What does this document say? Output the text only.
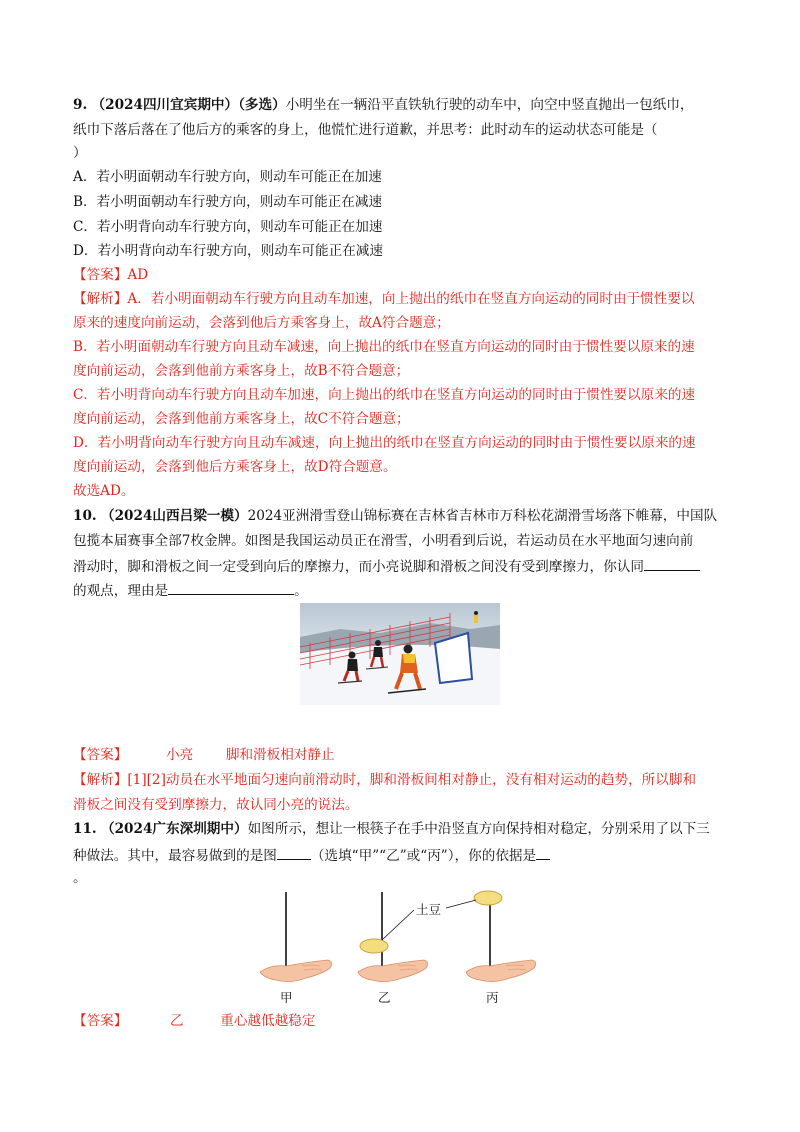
9. （2024四川宜宾期中）（多选）小明坐在一辆沿平直铁轨行驶的动车中，向空中竖直抛出一包纸巾，
纸巾下落后落在了他后方的乘客的身上，他慌忙进行道歉，并思考：此时动车的运动状态可能是（
）
A．若小明面朝动车行驶方向，则动车可能正在加速
B．若小明面朝动车行驶方向，则动车可能正在减速
C．若小明背向动车行驶方向，则动车可能正在加速
D．若小明背向动车行驶方向，则动车可能正在减速
【答案】AD
【解析】A．若小明面朝动车行驶方向且动车加速，向上抛出的纸巾在竖直方向运动的同时由于惯性要以
原来的速度向前运动，会落到他后方乘客身上，故A符合题意；
B．若小明面朝动车行驶方向且动车减速，向上抛出的纸巾在竖直方向运动的同时由于惯性要以原来的速
度向前运动，会落到他前方乘客身上，故B不符合题意；
C．若小明背向动车行驶方向且动车加速，向上抛出的纸巾在竖直方向运动的同时由于惯性要以原来的速
度向前运动，会落到他前方乘客身上，故C不符合题意；
D．若小明背向动车行驶方向且动车减速，向上抛出的纸巾在竖直方向运动的同时由于惯性要以原来的速
度向前运动，会落到他后方乘客身上，故D符合题意。
故选AD。
10. （2024山西吕梁一模）2024亚洲滑雪登山锦标赛在吉林省吉林市万科松花湖滑雪场落下帷幕，中国队
包揽本届赛事全部7枚金牌。如图是我国运动员正在滑雪，小明看到后说，若运动员在水平地面匀速向前
滑动时，脚和滑板之间一定受到向后的摩擦力，而小亮说脚和滑板之间没有受到摩擦力，你认同
的观点，理由是	。
【答案】	小亮 脚和滑板相对静止
【解析】[1][2]动员在水平地面匀速向前滑动时，脚和滑板间相对静止，没有相对运动的趋势，所以脚和
滑板之间没有受到摩擦力，故认同小亮的说法。
11. （2024广东深圳期中）如图所示，想让一根筷子在手中沿竖直方向保持相对稳定，分别采用了以下三
种做法。其中，最容易做到的是图	（选填“甲”“乙”或“丙”），你的依据是
。
土豆
甲	乙	丙
【答案】	乙	重心越低越稳定
